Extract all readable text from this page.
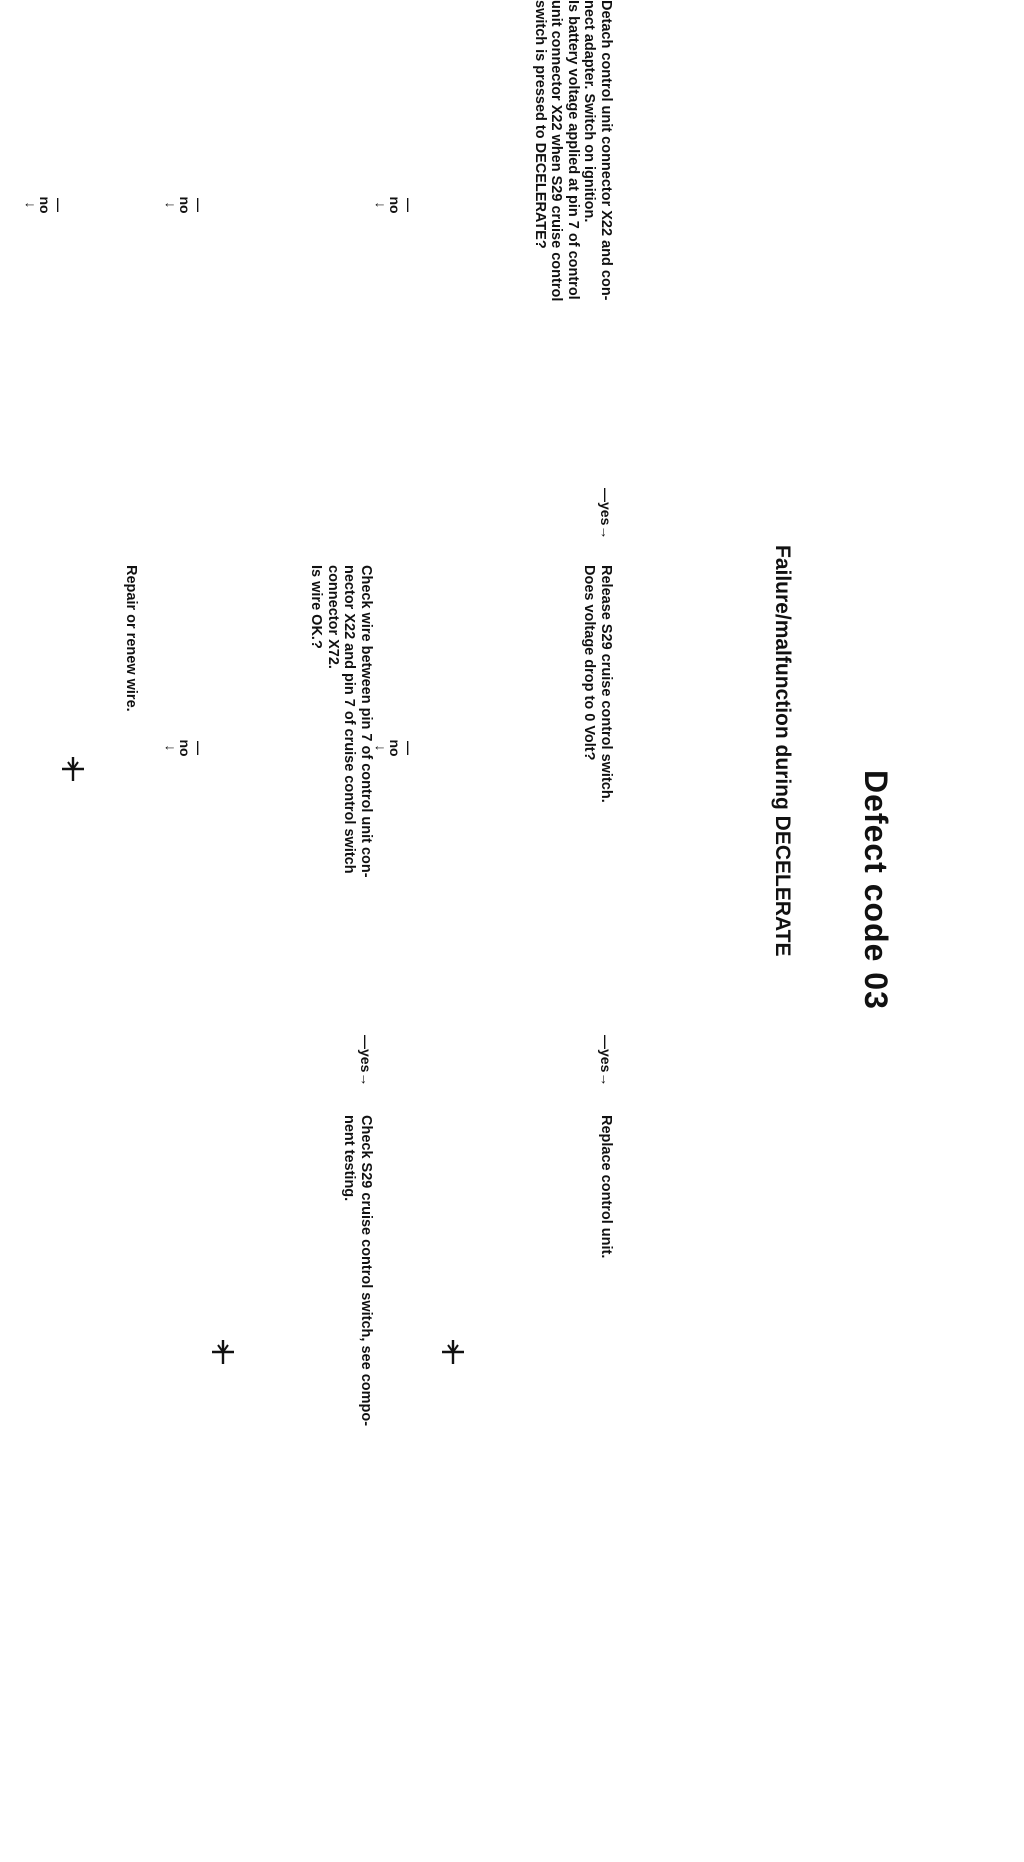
Defect code 03
Failure/malfunction during DECELERATE

Detach control unit connector X22 and con-

nect adapter. Switch on ignition.

Is battery voltage applied at pin 7 of control

unit connector X22 when S29 cruise control

switch is pressed to DECELERATE?

—yes→

Release S29 cruise control switch.

Does voltage drop to 0 Volt?

—yes→

Replace control unit.

—
no
↓
—
no
↓

Check wire between pin 7 of control unit con-

nector X22 and pin 7 of cruise control switch

connector X72.

Is wire OK.?

—yes→

Check S29 cruise control switch, see compo-

nent testing.

—
no
↓
—
no
↓

Repair or renew wire.

—
no
↓
